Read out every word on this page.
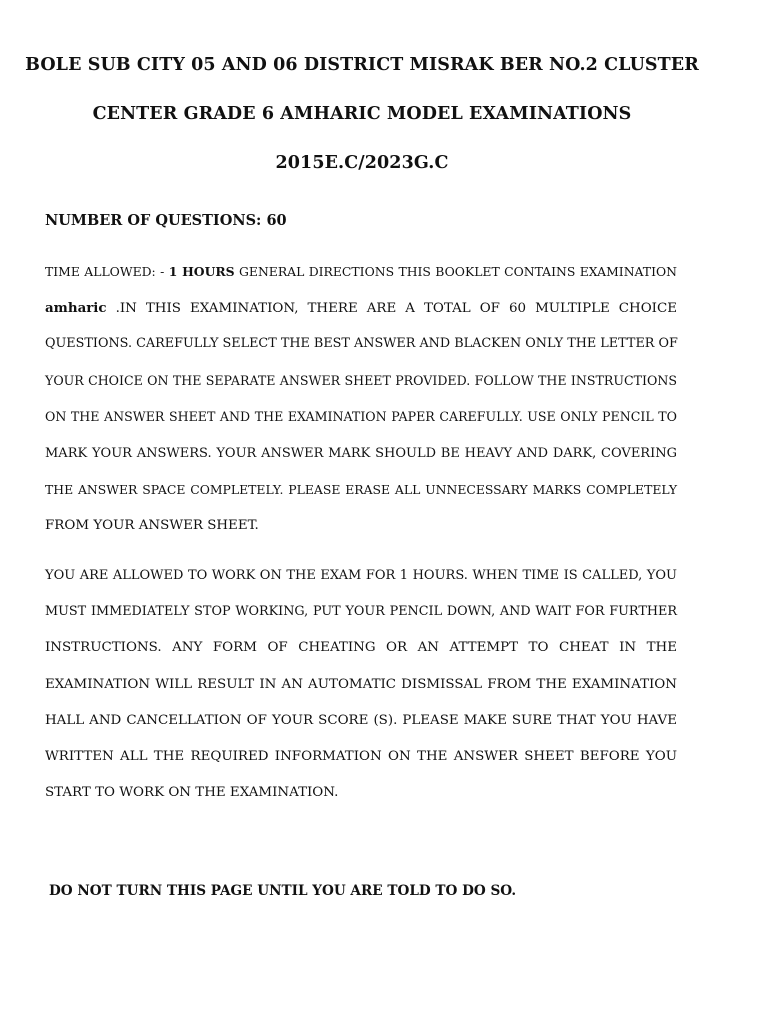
BOLE SUB CITY 05 AND 06 DISTRICT MISRAK BER NO.2 CLUSTER
CENTER GRADE 6 AMHARIC MODEL EXAMINATIONS
2015E.C/2023G.C
NUMBER OF QUESTIONS: 60
TIME ALLOWED: - 1 HOURS GENERAL DIRECTIONS THIS BOOKLET CONTAINS EXAMINATION
amharic .IN THIS EXAMINATION, THERE ARE A TOTAL OF 60 MULTIPLE CHOICE
QUESTIONS. CAREFULLY SELECT THE BEST ANSWER AND BLACKEN ONLY THE LETTER OF
YOUR CHOICE ON THE SEPARATE ANSWER SHEET PROVIDED. FOLLOW THE INSTRUCTIONS
ON THE ANSWER SHEET AND THE EXAMINATION PAPER CAREFULLY. USE ONLY PENCIL TO
MARK YOUR ANSWERS. YOUR ANSWER MARK SHOULD BE HEAVY AND DARK, COVERING
THE ANSWER SPACE COMPLETELY. PLEASE ERASE ALL UNNECESSARY MARKS COMPLETELY
FROM YOUR ANSWER SHEET.
YOU ARE ALLOWED TO WORK ON THE EXAM FOR 1 HOURS. WHEN TIME IS CALLED, YOU
MUST IMMEDIATELY STOP WORKING, PUT YOUR PENCIL DOWN, AND WAIT FOR FURTHER
INSTRUCTIONS. ANY FORM OF CHEATING OR AN ATTEMPT TO CHEAT IN THE
EXAMINATION WILL RESULT IN AN AUTOMATIC DISMISSAL FROM THE EXAMINATION
HALL AND CANCELLATION OF YOUR SCORE (S). PLEASE MAKE SURE THAT YOU HAVE
WRITTEN ALL THE REQUIRED INFORMATION ON THE ANSWER SHEET BEFORE YOU
START TO WORK ON THE EXAMINATION.
DO NOT TURN THIS PAGE UNTIL YOU ARE TOLD TO DO SO.
